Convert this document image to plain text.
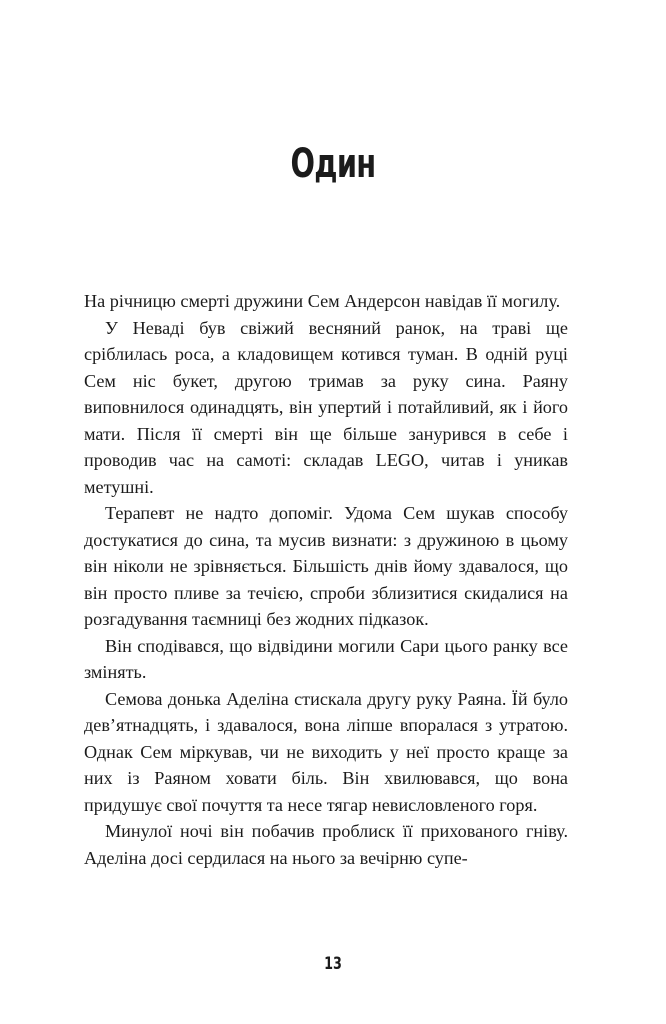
Один

На річницю смерті дружини Сем Андерсон навідав її могилу.

У Неваді був свіжий весняний ранок, на траві ще сріблилась роса, а кладовищем котився туман. В одній руці Сем ніс букет, другою тримав за руку сина. Раяну виповнилося одинадцять, він упертий і потайливий, як і його мати. Після її смерті він ще більше занурився в себе і проводив час на самоті: складав LEGO, читав і уникав метушні.

Терапевт не надто допоміг. Удома Сем шукав способу достукатися до сина, та мусив визнати: з дружиною в цьому він ніколи не зрівняється. Більшість днів йому здавалося, що він просто пливе за течією, спроби зблизитися скидалися на розгадування таємниці без жодних підказок.

Він сподівався, що відвідини могили Сари цього ранку все змінять.

Семова донька Аделіна стискала другу руку Раяна. Їй було дев’ятнадцять, і здавалося, вона ліпше впоралася з утратою. Однак Сем міркував, чи не виходить у неї просто краще за них із Раяном ховати біль. Він хвилювався, що вона придушує свої почуття та несе тягар невисловленого горя.

Минулої ночі він побачив проблиск її прихованого гніву. Аделіна досі сердилася на нього за вечірню супе-

13
